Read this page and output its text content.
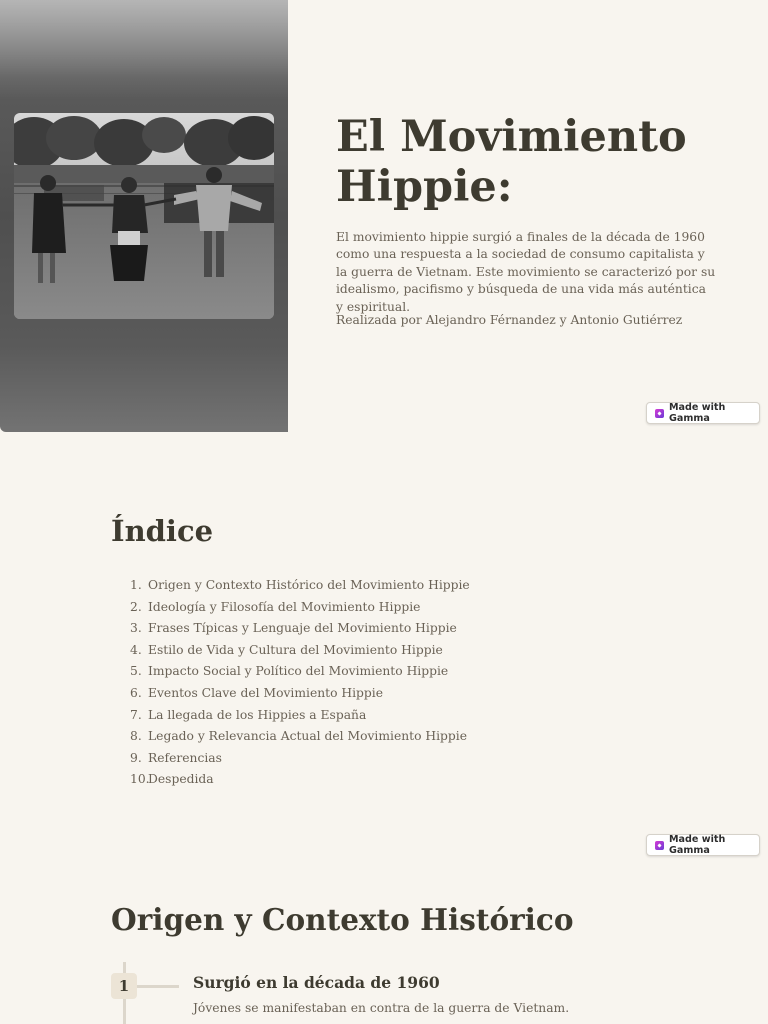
El Movimiento Hippie:

El movimiento hippie surgió a finales de la década de 1960 como una respuesta a la sociedad de consumo capitalista y la guerra de Vietnam. Este movimiento se caracterizó por su idealismo, pacifismo y búsqueda de una vida más auténtica y espiritual.

Realizada por Alejandro Férnandez y Antonio Gutiérrez

Made with Gamma
Índice
1. Origen y Contexto Histórico del Movimiento Hippie
2. Ideología y Filosofía del Movimiento Hippie
3. Frases Típicas y Lenguaje del Movimiento Hippie
4. Estilo de Vida y Cultura del Movimiento Hippie
5. Impacto Social y Político del Movimiento Hippie
6. Eventos Clave del Movimiento Hippie
7. La llegada de los Hippies a España
8. Legado y Relevancia Actual del Movimiento Hippie
9. Referencias
10.
Despedida
Made with Gamma
Origen y Contexto Histórico
1	Surgió en la década de 1960

Jóvenes se manifestaban en contra de la guerra de Vietnam.
